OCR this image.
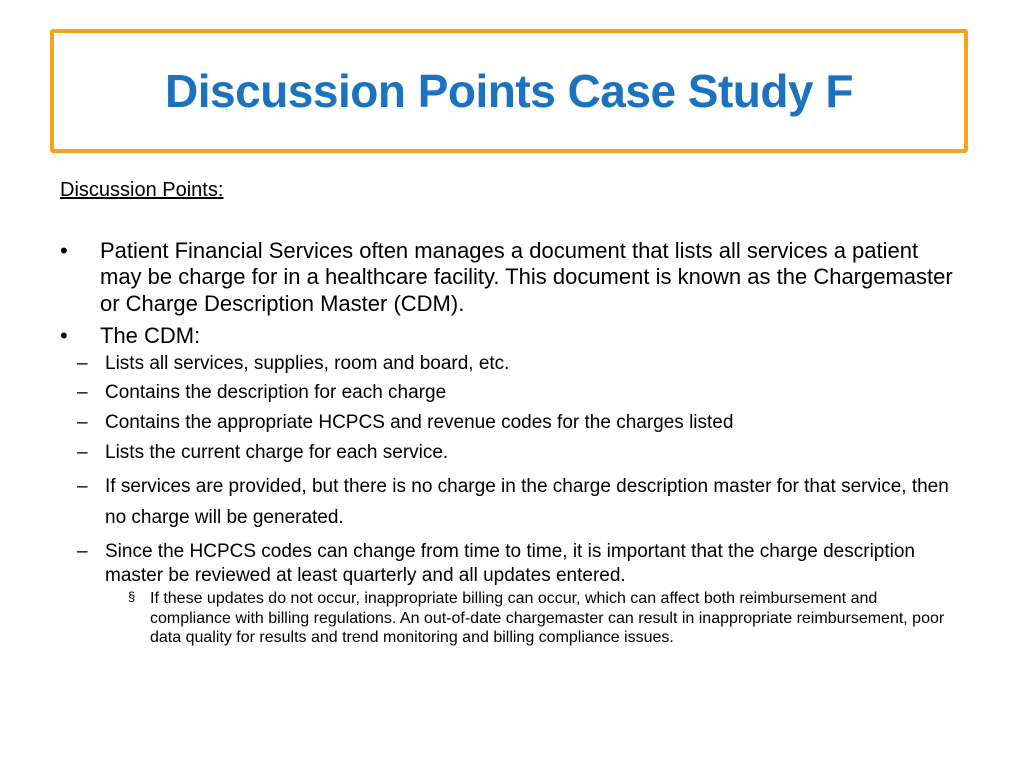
Discussion Points Case Study F
Discussion Points:
•	Patient Financial Services often manages a document that lists all services a patient may be charge for in a healthcare facility. This document is known as the Chargemaster or Charge Description Master (CDM).
•	The CDM:
– Lists all services, supplies, room and board, etc.
– Contains the description for each charge
– Contains the appropriate HCPCS and revenue codes for the charges listed
– Lists the current charge for each service.
– If services are provided, but there is no charge in the charge description master for that service, then no charge will be generated.
– Since the HCPCS codes can change from time to time, it is important that the charge description master be reviewed at least quarterly and all updates entered.
§ If these updates do not occur, inappropriate billing can occur, which can affect both reimbursement and compliance with billing regulations. An out-of-date chargemaster can result in inappropriate reimbursement, poor data quality for results and trend monitoring and billing compliance issues.
